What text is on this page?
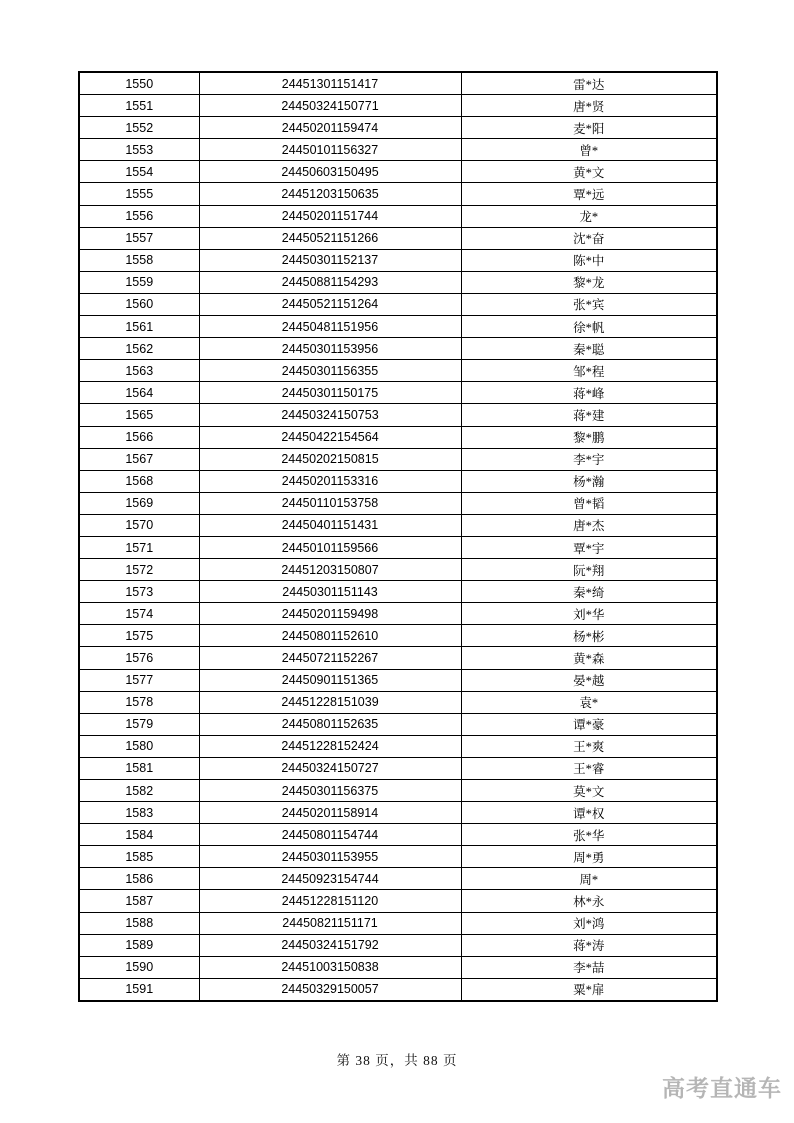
1550	24451301151417	雷*达
1551	24450324150771	唐*贤
1552	24450201159474	麦*阳
1553	24450101156327	曾*
1554	24450603150495	黄*文
1555	24451203150635	覃*远
1556	24450201151744	龙*
1557	24450521151266	沈*奋
1558	24450301152137	陈*中
1559	24450881154293	黎*龙
1560	24450521151264	张*宾
1561	24450481151956	徐*帆
1562	24450301153956	秦*聪
1563	24450301156355	邹*程
1564	24450301150175	蒋*峰
1565	24450324150753	蒋*建
1566	24450422154564	黎*鹏
1567	24450202150815	李*宇
1568	24450201153316	杨*瀚
1569	24450110153758	曾*韬
1570	24450401151431	唐*杰
1571	24450101159566	覃*宇
1572	24451203150807	阮*翔
1573	24450301151143	秦*绮
1574	24450201159498	刘*华
1575	24450801152610	杨*彬
1576	24450721152267	黄*森
1577	24450901151365	晏*越
1578	24451228151039	袁*
1579	24450801152635	谭*豪
1580	24451228152424	王*爽
1581	24450324150727	王*睿
1582	24450301156375	莫*文
1583	24450201158914	谭*权
1584	24450801154744	张*华
1585	24450301153955	周*勇
1586	24450923154744	周*
1587	24451228151120	林*永
1588	24450821151171	刘*鸿
1589	24450324151792	蒋*涛
1590	24451003150838	李*喆
1591	24450329150057	粟*扉
第 38 页，共 88 页
高考直通车
